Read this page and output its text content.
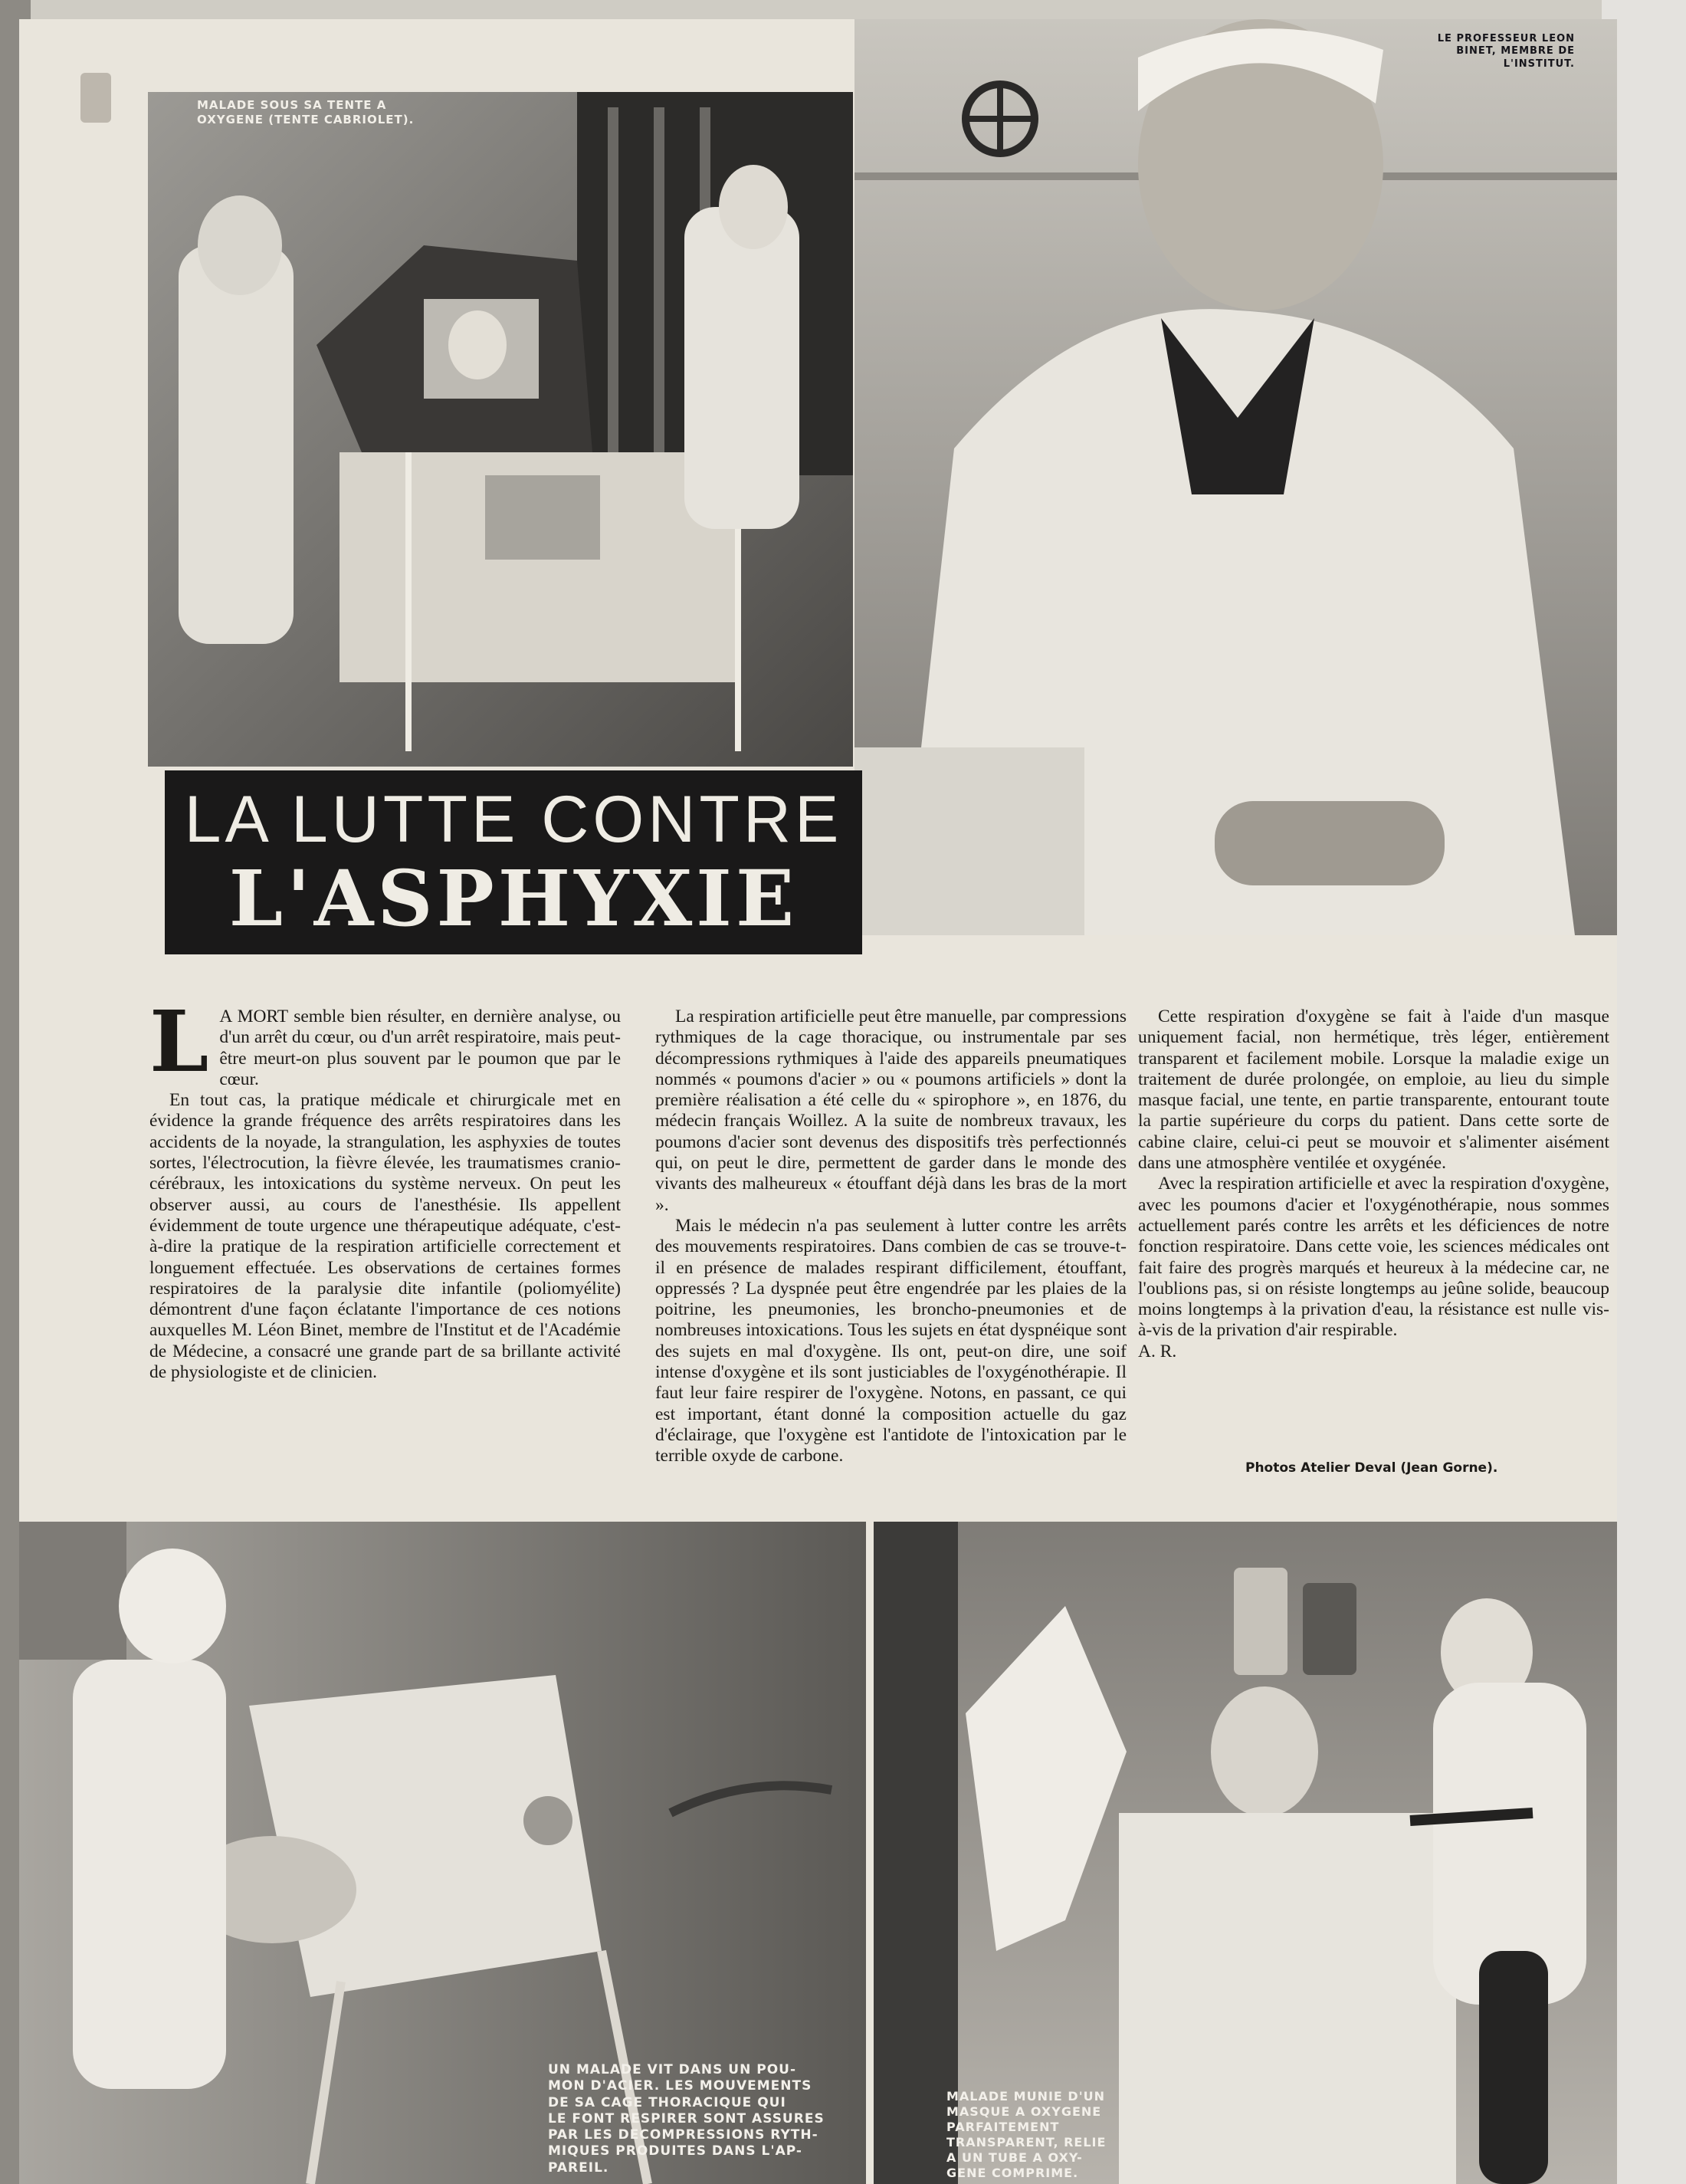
MALADE SOUS SA TENTE A
OXYGENE (TENTE CABRIOLET).
LE PROFESSEUR LEON
BINET, MEMBRE DE
L'INSTITUT.
LA LUTTE CONTRE
L'ASPHYXIE

L A MORT semble bien résulter, en dernière analyse, ou d'un arrêt du cœur, ou d'un arrêt respiratoire, mais peut-être meurt-on plus souvent par le poumon que par le cœur.

En tout cas, la pratique médicale et chirurgicale met en évidence la grande fréquence des arrêts respiratoires dans les accidents de la noyade, la strangulation, les asphyxies de toutes sortes, l'électrocution, la fièvre élevée, les traumatismes cranio-cérébraux, les intoxications du système nerveux. On peut les observer aussi, au cours de l'anesthésie. Ils appellent évidemment de toute urgence une thérapeutique adéquate, c'est-à-dire la pratique de la respiration artificielle correctement et longuement effectuée. Les observations de certaines formes respiratoires de la paralysie dite infantile (poliomyélite) démontrent d'une façon éclatante l'importance de ces notions auxquelles M. Léon Binet, membre de l'Institut et de l'Académie de Médecine, a consacré une grande part de sa brillante activité de physiologiste et de clinicien.

La respiration artificielle peut être manuelle, par compressions rythmiques de la cage thoracique, ou instrumentale par ses décompressions rythmiques à l'aide des appareils pneumatiques nommés « poumons d'acier » ou « poumons artificiels » dont la première réalisation a été celle du « spirophore », en 1876, du médecin français Woillez. A la suite de nombreux travaux, les poumons d'acier sont devenus des dispositifs très perfectionnés qui, on peut le dire, permettent de garder dans le monde des vivants des malheureux « étouffant déjà dans les bras de la mort ».

Mais le médecin n'a pas seulement à lutter contre les arrêts des mouvements respiratoires. Dans combien de cas se trouve-t-il en présence de malades respirant difficilement, étouffant, oppressés ? La dyspnée peut être engendrée par les plaies de la poitrine, les pneumonies, les broncho-pneumonies et de nombreuses intoxications. Tous les sujets en état dyspnéique sont des sujets en mal d'oxygène. Ils ont, peut-on dire, une soif intense d'oxygène et ils sont justiciables de l'oxygénothérapie. Il faut leur faire respirer de l'oxygène. Notons, en passant, ce qui est important, étant donné la composition actuelle du gaz d'éclairage, que l'oxygène est l'antidote de l'intoxication par le terrible oxyde de carbone.

Cette respiration d'oxygène se fait à l'aide d'un masque uniquement facial, non hermétique, très léger, entièrement transparent et facilement mobile. Lorsque la maladie exige un traitement de durée prolongée, on emploie, au lieu du simple masque facial, une tente, en partie transparente, entourant toute la partie supérieure du corps du patient. Dans cette sorte de cabine claire, celui-ci peut se mouvoir et s'alimenter aisément dans une atmosphère ventilée et oxygénée.

Avec la respiration artificielle et avec la respiration d'oxygène, avec les poumons d'acier et l'oxygénothérapie, nous sommes actuellement parés contre les arrêts et les déficiences de notre fonction respiratoire. Dans cette voie, les sciences médicales ont fait faire des progrès marqués et heureux à la médecine car, ne l'oublions pas, si on résiste longtemps au jeûne solide, beaucoup moins longtemps à la privation d'eau, la résistance est nulle vis-à-vis de la privation d'air respirable.

A. R.

Photos Atelier Deval (Jean Gorne).
UN MALADE VIT DANS UN POU-
MON D'ACIER. LES MOUVEMENTS
DE SA CAGE THORACIQUE QUI
LE FONT RESPIRER SONT ASSURES
PAR LES DECOMPRESSIONS RYTH-
MIQUES PRODUITES DANS L'AP-
PAREIL.
MALADE MUNIE D'UN
MASQUE A OXYGENE
PARFAITEMENT
TRANSPARENT, RELIE
A UN TUBE A OXY-
GENE COMPRIME.
